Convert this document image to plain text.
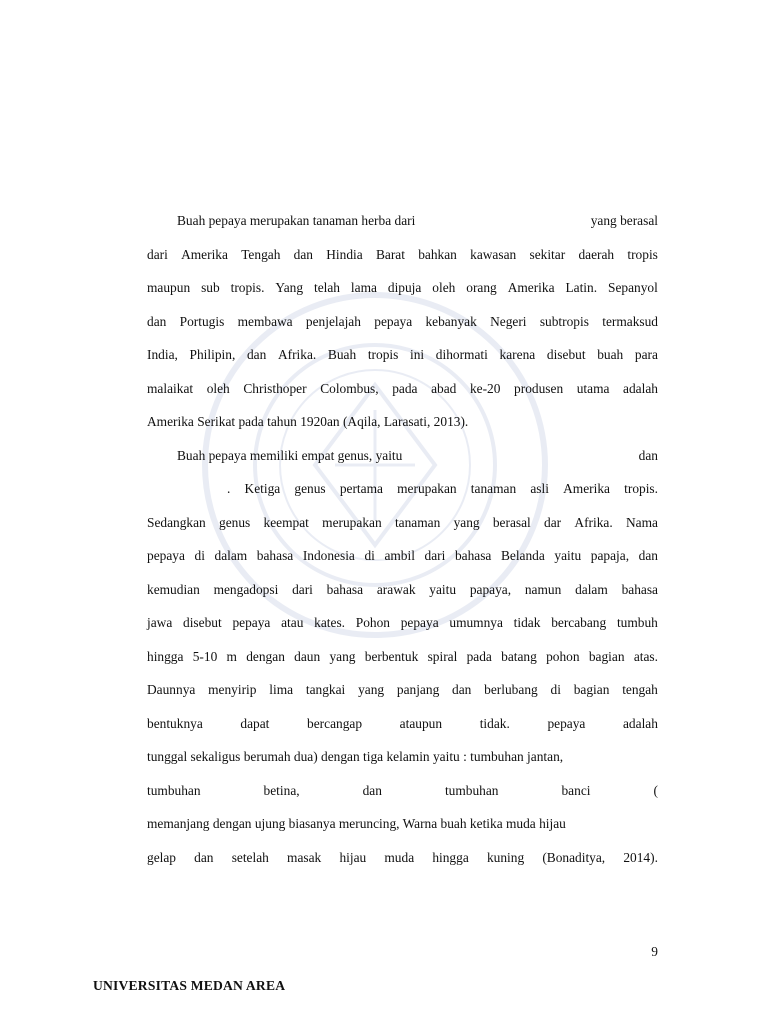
Buah pepaya merupakan tanaman herba dari	yang berasal
dari Amerika Tengah dan Hindia Barat bahkan kawasan sekitar daerah tropis
maupun sub tropis. Yang telah lama dipuja oleh orang Amerika Latin. Sepanyol
dan Portugis membawa penjelajah pepaya kebanyak Negeri subtropis termaksud
India, Philipin, dan Afrika. Buah tropis ini dihormati karena disebut buah para
malaikat oleh Christhoper Colombus, pada abad ke-20 produsen utama adalah
Amerika Serikat pada tahun 1920an (Aqila, Larasati, 2013).
Buah pepaya memiliki empat genus, yaitu	dan
. Ketiga genus pertama merupakan tanaman asli Amerika tropis.
Sedangkan genus keempat merupakan tanaman yang berasal dar Afrika. Nama
pepaya di dalam bahasa Indonesia di ambil dari bahasa Belanda yaitu papaja, dan
kemudian mengadopsi dari bahasa arawak yaitu papaya, namun dalam bahasa
jawa disebut pepaya atau kates. Pohon pepaya umumnya tidak bercabang tumbuh
hingga 5-10 m dengan daun yang berbentuk spiral pada batang pohon bagian atas.
Daunnya menyirip lima tangkai yang panjang dan berlubang di bagian tengah
bentuknya	dapat	bercangap	ataupun	tidak.	pepaya	adalah
tunggal sekaligus berumah dua) dengan tiga kelamin yaitu : tumbuhan jantan,
tumbuhan	betina,	dan	tumbuhan	banci	(
memanjang dengan ujung biasanya meruncing, Warna buah ketika muda hijau
gelap dan setelah masak hijau muda hingga kuning (Bonaditya, 2014).
9
UNIVERSITAS MEDAN AREA
